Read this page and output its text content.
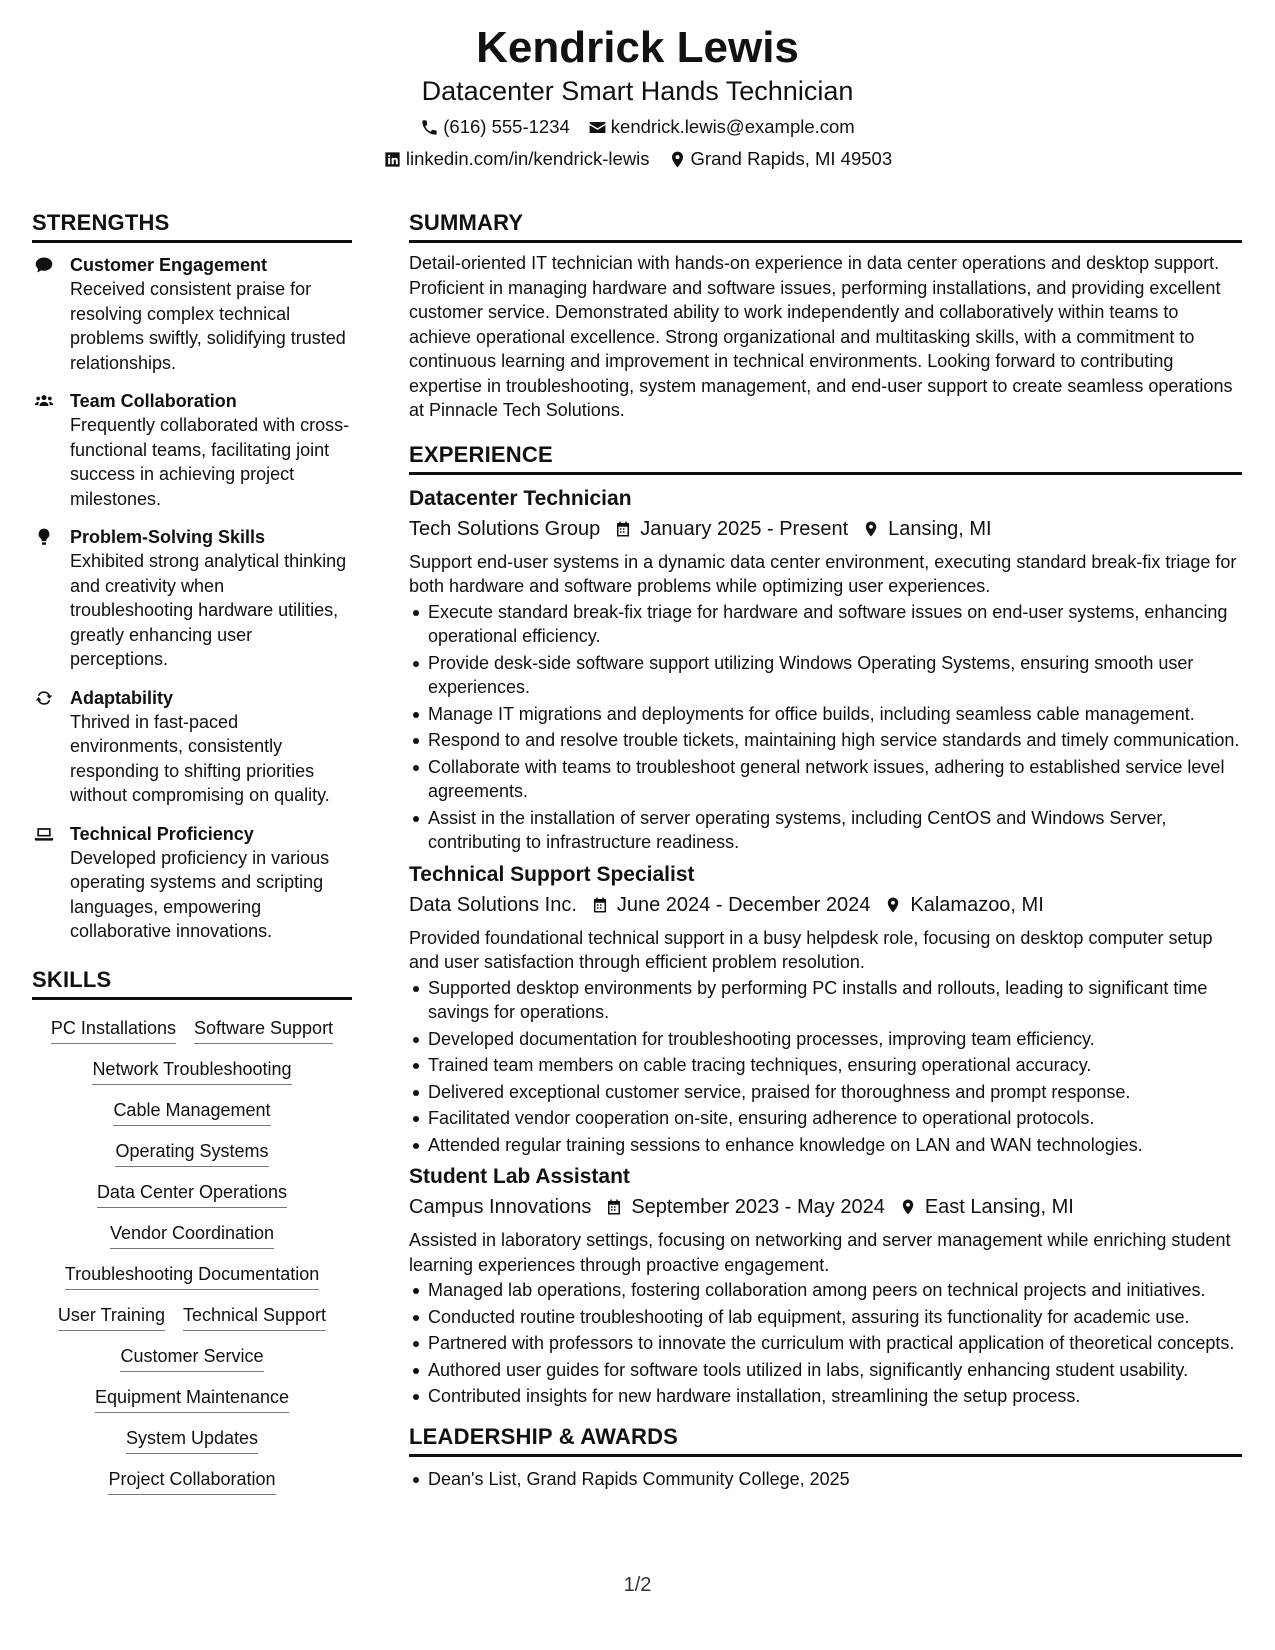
Kendrick Lewis
Datacenter Smart Hands Technician
(616) 555-1234 kendrick.lewis@example.com
linkedin.com/in/kendrick-lewis Grand Rapids, MI 49503
STRENGTHS
Customer Engagement
Received consistent praise for resolving complex technical problems swiftly, solidifying trusted relationships.
Team Collaboration
Frequently collaborated with cross-functional teams, facilitating joint success in achieving project milestones.
Problem-Solving Skills
Exhibited strong analytical thinking and creativity when troubleshooting hardware utilities, greatly enhancing user perceptions.
Adaptability
Thrived in fast-paced environments, consistently responding to shifting priorities without compromising on quality.
Technical Proficiency
Developed proficiency in various operating systems and scripting languages, empowering collaborative innovations.
SKILLS
PC Installations Software Support
Network Troubleshooting
Cable Management
Operating Systems
Data Center Operations
Vendor Coordination
Troubleshooting Documentation
User Training Technical Support
Customer Service
Equipment Maintenance
System Updates
Project Collaboration
SUMMARY
Detail-oriented IT technician with hands-on experience in data center operations and desktop support. Proficient in managing hardware and software issues, performing installations, and providing excellent customer service. Demonstrated ability to work independently and collaboratively within teams to achieve operational excellence. Strong organizational and multitasking skills, with a commitment to continuous learning and improvement in technical environments. Looking forward to contributing expertise in troubleshooting, system management, and end-user support to create seamless operations at Pinnacle Tech Solutions.
EXPERIENCE
Datacenter Technician
Tech Solutions Group January 2025 - Present Lansing, MI
Support end-user systems in a dynamic data center environment, executing standard break-fix triage for both hardware and software problems while optimizing user experiences.
Execute standard break-fix triage for hardware and software issues on end-user systems, enhancing operational efficiency.
Provide desk-side software support utilizing Windows Operating Systems, ensuring smooth user experiences.
Manage IT migrations and deployments for office builds, including seamless cable management.
Respond to and resolve trouble tickets, maintaining high service standards and timely communication.
Collaborate with teams to troubleshoot general network issues, adhering to established service level agreements.
Assist in the installation of server operating systems, including CentOS and Windows Server, contributing to infrastructure readiness.
Technical Support Specialist
Data Solutions Inc. June 2024 - December 2024 Kalamazoo, MI
Provided foundational technical support in a busy helpdesk role, focusing on desktop computer setup and user satisfaction through efficient problem resolution.
Supported desktop environments by performing PC installs and rollouts, leading to significant time savings for operations.
Developed documentation for troubleshooting processes, improving team efficiency.
Trained team members on cable tracing techniques, ensuring operational accuracy.
Delivered exceptional customer service, praised for thoroughness and prompt response.
Facilitated vendor cooperation on-site, ensuring adherence to operational protocols.
Attended regular training sessions to enhance knowledge on LAN and WAN technologies.
Student Lab Assistant
Campus Innovations September 2023 - May 2024 East Lansing, MI
Assisted in laboratory settings, focusing on networking and server management while enriching student learning experiences through proactive engagement.
Managed lab operations, fostering collaboration among peers on technical projects and initiatives.
Conducted routine troubleshooting of lab equipment, assuring its functionality for academic use.
Partnered with professors to innovate the curriculum with practical application of theoretical concepts.
Authored user guides for software tools utilized in labs, significantly enhancing student usability.
Contributed insights for new hardware installation, streamlining the setup process.
LEADERSHIP & AWARDS
Dean's List, Grand Rapids Community College, 2025
1/2
